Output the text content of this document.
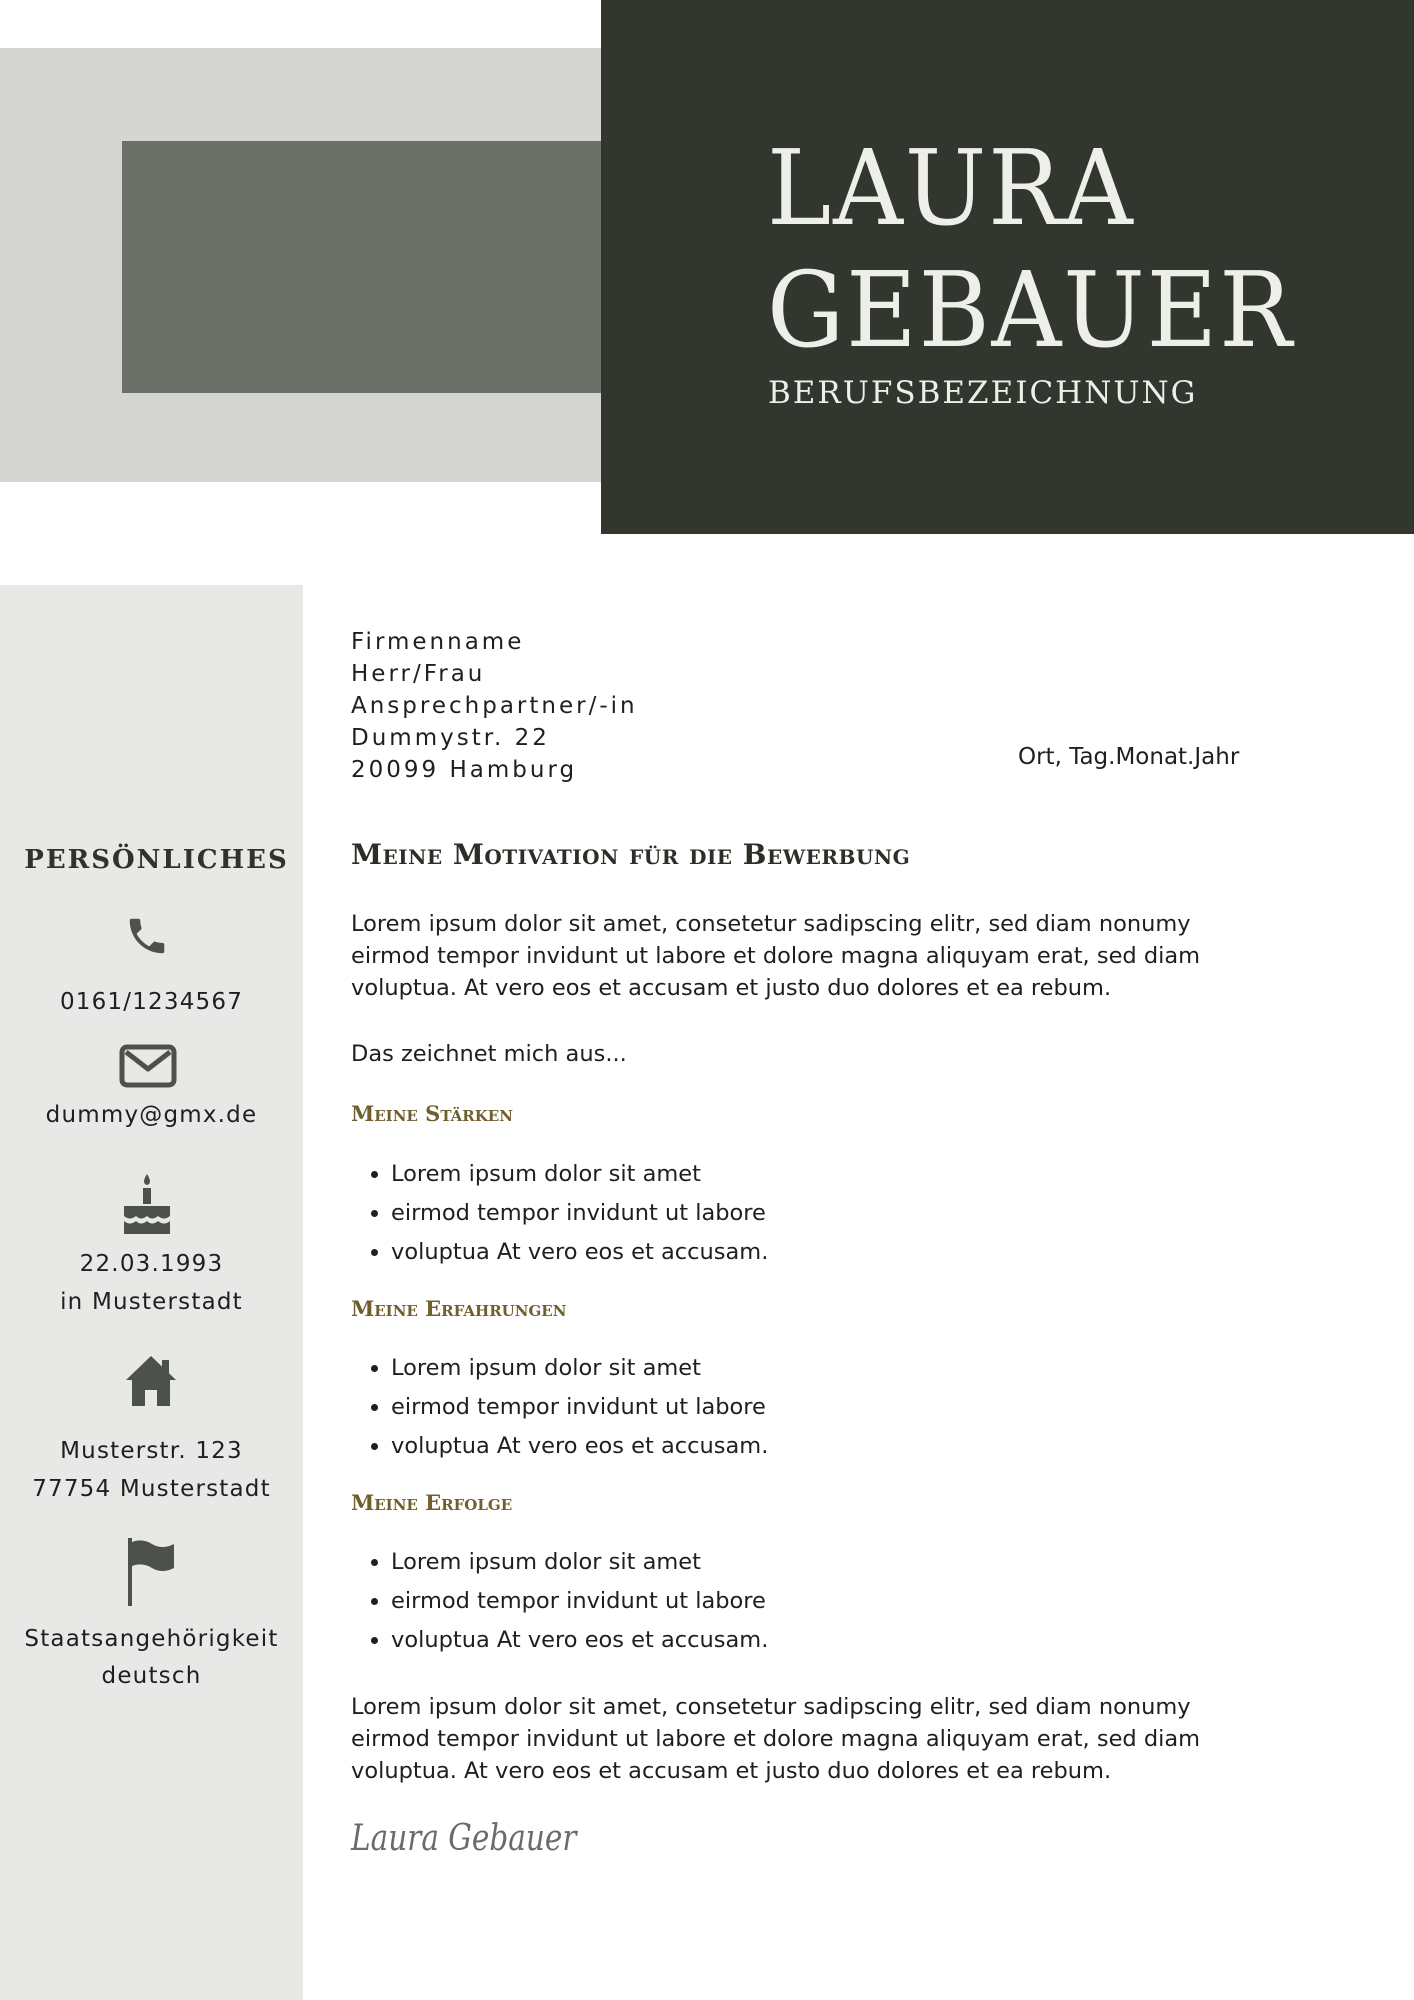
LAURA
GEBAUER
BERUFSBEZEICHNUNG
PERSÖNLICHES
0161/1234567
dummy@gmx.de
22.03.1993
in Musterstadt
Musterstr. 123
77754 Musterstadt
Staatsangehörigkeit
deutsch
Firmenname
Herr/Frau
Ansprechpartner/-in
Dummystr. 22
20099 Hamburg	Ort, Tag.Monat.Jahr
Meine Motivation für die Bewerbung
Lorem ipsum dolor sit amet, consetetur sadipscing elitr, sed diam nonumy
eirmod tempor invidunt ut labore et dolore magna aliquyam erat, sed diam
voluptua. At vero eos et accusam et justo duo dolores et ea rebum.
Das zeichnet mich aus...
Meine Stärken
• Lorem ipsum dolor sit amet
• eirmod tempor invidunt ut labore
• voluptua At vero eos et accusam.
Meine Erfahrungen
• Lorem ipsum dolor sit amet
• eirmod tempor invidunt ut labore
• voluptua At vero eos et accusam.
Meine Erfolge
• Lorem ipsum dolor sit amet
• eirmod tempor invidunt ut labore
• voluptua At vero eos et accusam.
Lorem ipsum dolor sit amet, consetetur sadipscing elitr, sed diam nonumy
eirmod tempor invidunt ut labore et dolore magna aliquyam erat, sed diam
voluptua. At vero eos et accusam et justo duo dolores et ea rebum.
Laura Gebauer
